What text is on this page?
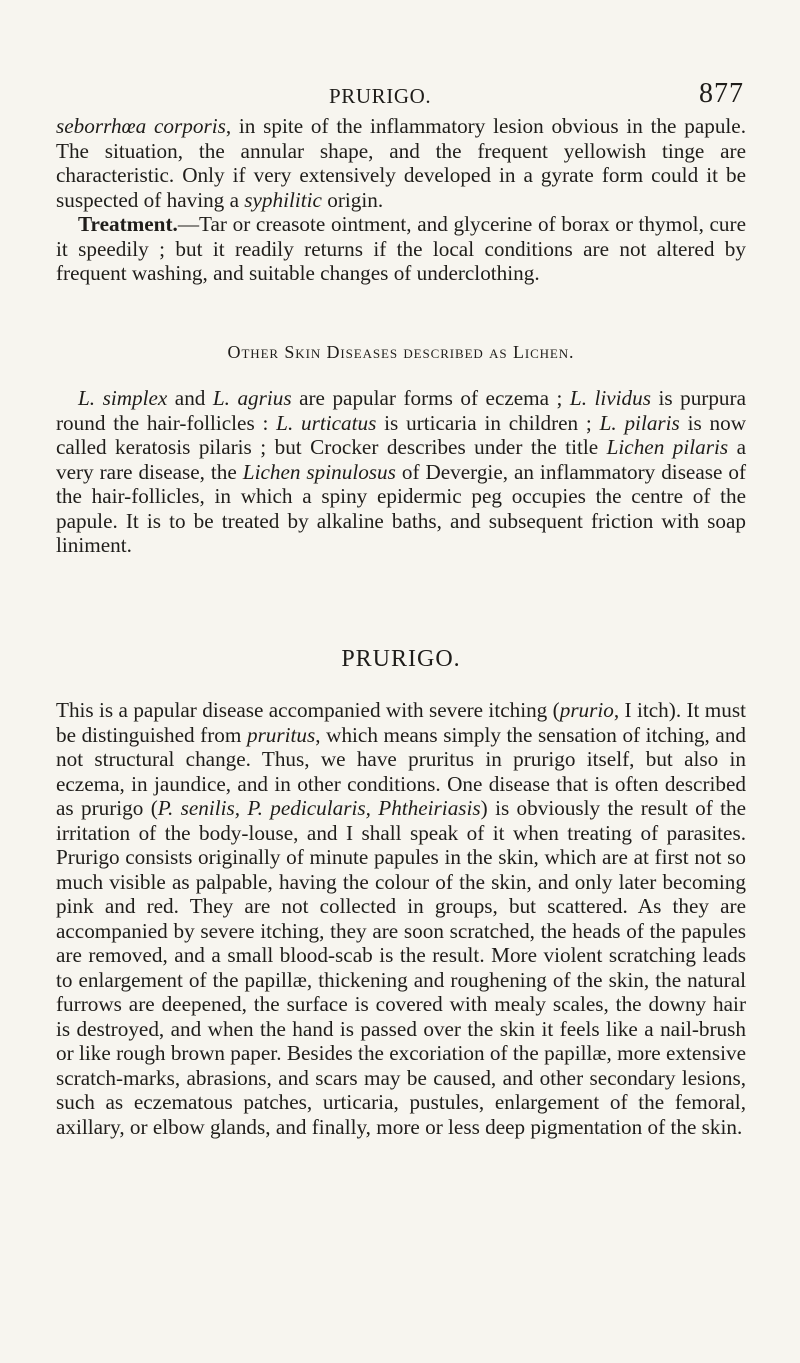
PRURIGO.	877

seborrhœa corporis, in spite of the inflammatory lesion obvious in the papule. The situation, the annular shape, and the frequent yellowish tinge are characteristic. Only if very extensively developed in a gyrate form could it be suspected of having a syphilitic origin.

Treatment.—Tar or creasote ointment, and glycerine of borax or thymol, cure it speedily ; but it readily returns if the local conditions are not altered by frequent washing, and suitable changes of underclothing.

Other Skin Diseases described as Lichen.

L. simplex and L. agrius are papular forms of eczema ; L. lividus is purpura round the hair-follicles : L. urticatus is urticaria in children ; L. pilaris is now called keratosis pilaris ; but Crocker describes under the title Lichen pilaris a very rare disease, the Lichen spinulosus of Devergie, an inflammatory disease of the hair-follicles, in which a spiny epidermic peg occupies the centre of the papule. It is to be treated by alkaline baths, and subsequent friction with soap liniment.

PRURIGO.

This is a papular disease accompanied with severe itching (prurio, I itch). It must be distinguished from pruritus, which means simply the sensation of itching, and not structural change. Thus, we have pruritus in prurigo itself, but also in eczema, in jaundice, and in other conditions. One disease that is often described as prurigo (P. senilis, P. pedicularis, Phtheiriasis) is obviously the result of the irritation of the body-louse, and I shall speak of it when treating of parasites. Prurigo consists originally of minute papules in the skin, which are at first not so much visible as palpable, having the colour of the skin, and only later becoming pink and red. They are not collected in groups, but scattered. As they are accompanied by severe itching, they are soon scratched, the heads of the papules are removed, and a small blood-scab is the result. More violent scratching leads to enlargement of the papillæ, thickening and roughening of the skin, the natural furrows are deepened, the surface is covered with mealy scales, the downy hair is destroyed, and when the hand is passed over the skin it feels like a nail-brush or like rough brown paper. Besides the excoriation of the papillæ, more extensive scratch-marks, abrasions, and scars may be caused, and other secondary lesions, such as eczematous patches, urticaria, pustules, enlargement of the femoral, axillary, or elbow glands, and finally, more or less deep pigmentation of the skin.
